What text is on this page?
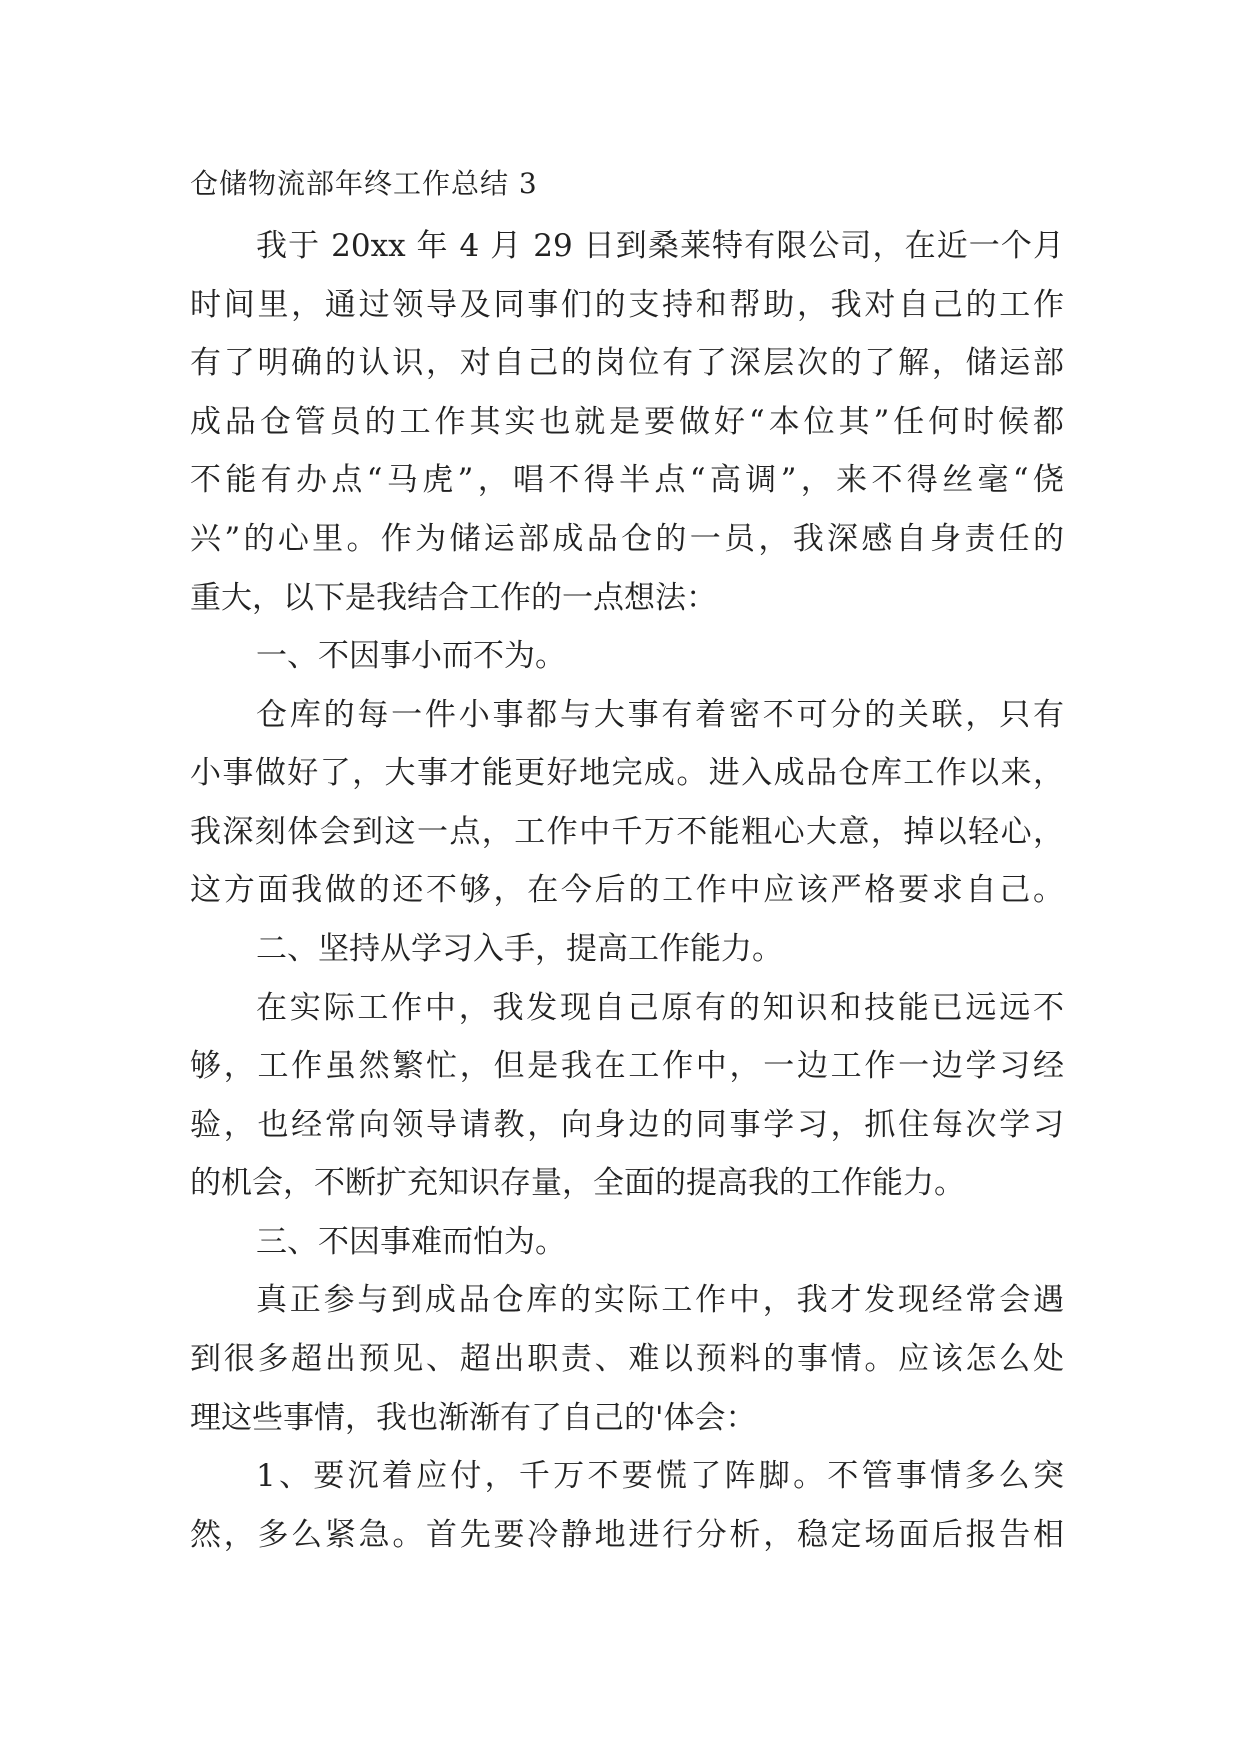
仓储物流部年终工作总结 3
我于 20xx 年 4 月 29 日到桑莱特有限公司，在近一个月
时间里，通过领导及同事们的支持和帮助，我对自己的工作
有了明确的认识，对自己的岗位有了深层次的了解，储运部
成品仓管员的工作其实也就是要做好“本位其”任何时候都
不能有办点“马虎”，唱不得半点“高调”，来不得丝毫“侥
兴”的心里。作为储运部成品仓的一员，我深感自身责任的
重大，以下是我结合工作的一点想法：
一、不因事小而不为。
仓库的每一件小事都与大事有着密不可分的关联，只有
小事做好了，大事才能更好地完成。进入成品仓库工作以来，
我深刻体会到这一点，工作中千万不能粗心大意，掉以轻心，
这方面我做的还不够，在今后的工作中应该严格要求自己。
二、坚持从学习入手，提高工作能力。
在实际工作中，我发现自己原有的知识和技能已远远不
够，工作虽然繁忙，但是我在工作中，一边工作一边学习经
验，也经常向领导请教，向身边的同事学习，抓住每次学习
的机会，不断扩充知识存量，全面的提高我的工作能力。
三、不因事难而怕为。
真正参与到成品仓库的实际工作中，我才发现经常会遇
到很多超出预见、超出职责、难以预料的事情。应该怎么处
理这些事情，我也渐渐有了自己的'体会：
1、要沉着应付，千万不要慌了阵脚。不管事情多么突
然，多么紧急。首先要冷静地进行分析，稳定场面后报告相
